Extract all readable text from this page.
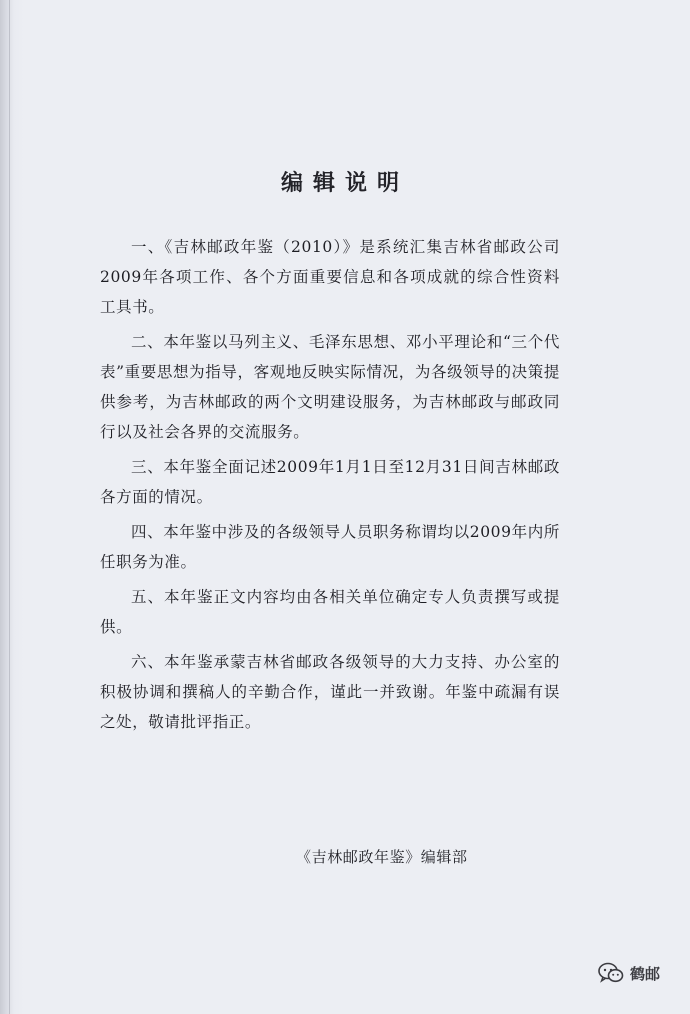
编辑说明

一、《吉林邮政年鉴（2010）》是系统汇集吉林省邮政公司2009年各项工作、各个方面重要信息和各项成就的综合性资料工具书。

二、本年鉴以马列主义、毛泽东思想、邓小平理论和“三个代表”重要思想为指导，客观地反映实际情况，为各级领导的决策提供参考，为吉林邮政的两个文明建设服务，为吉林邮政与邮政同行以及社会各界的交流服务。

三、本年鉴全面记述2009年1月1日至12月31日间吉林邮政各方面的情况。

四、本年鉴中涉及的各级领导人员职务称谓均以2009年内所任职务为准。

五、本年鉴正文内容均由各相关单位确定专人负责撰写或提供。

六、本年鉴承蒙吉林省邮政各级领导的大力支持、办公室的积极协调和撰稿人的辛勤合作，谨此一并致谢。年鉴中疏漏有误之处，敬请批评指正。

《吉林邮政年鉴》编辑部
鹤邮
